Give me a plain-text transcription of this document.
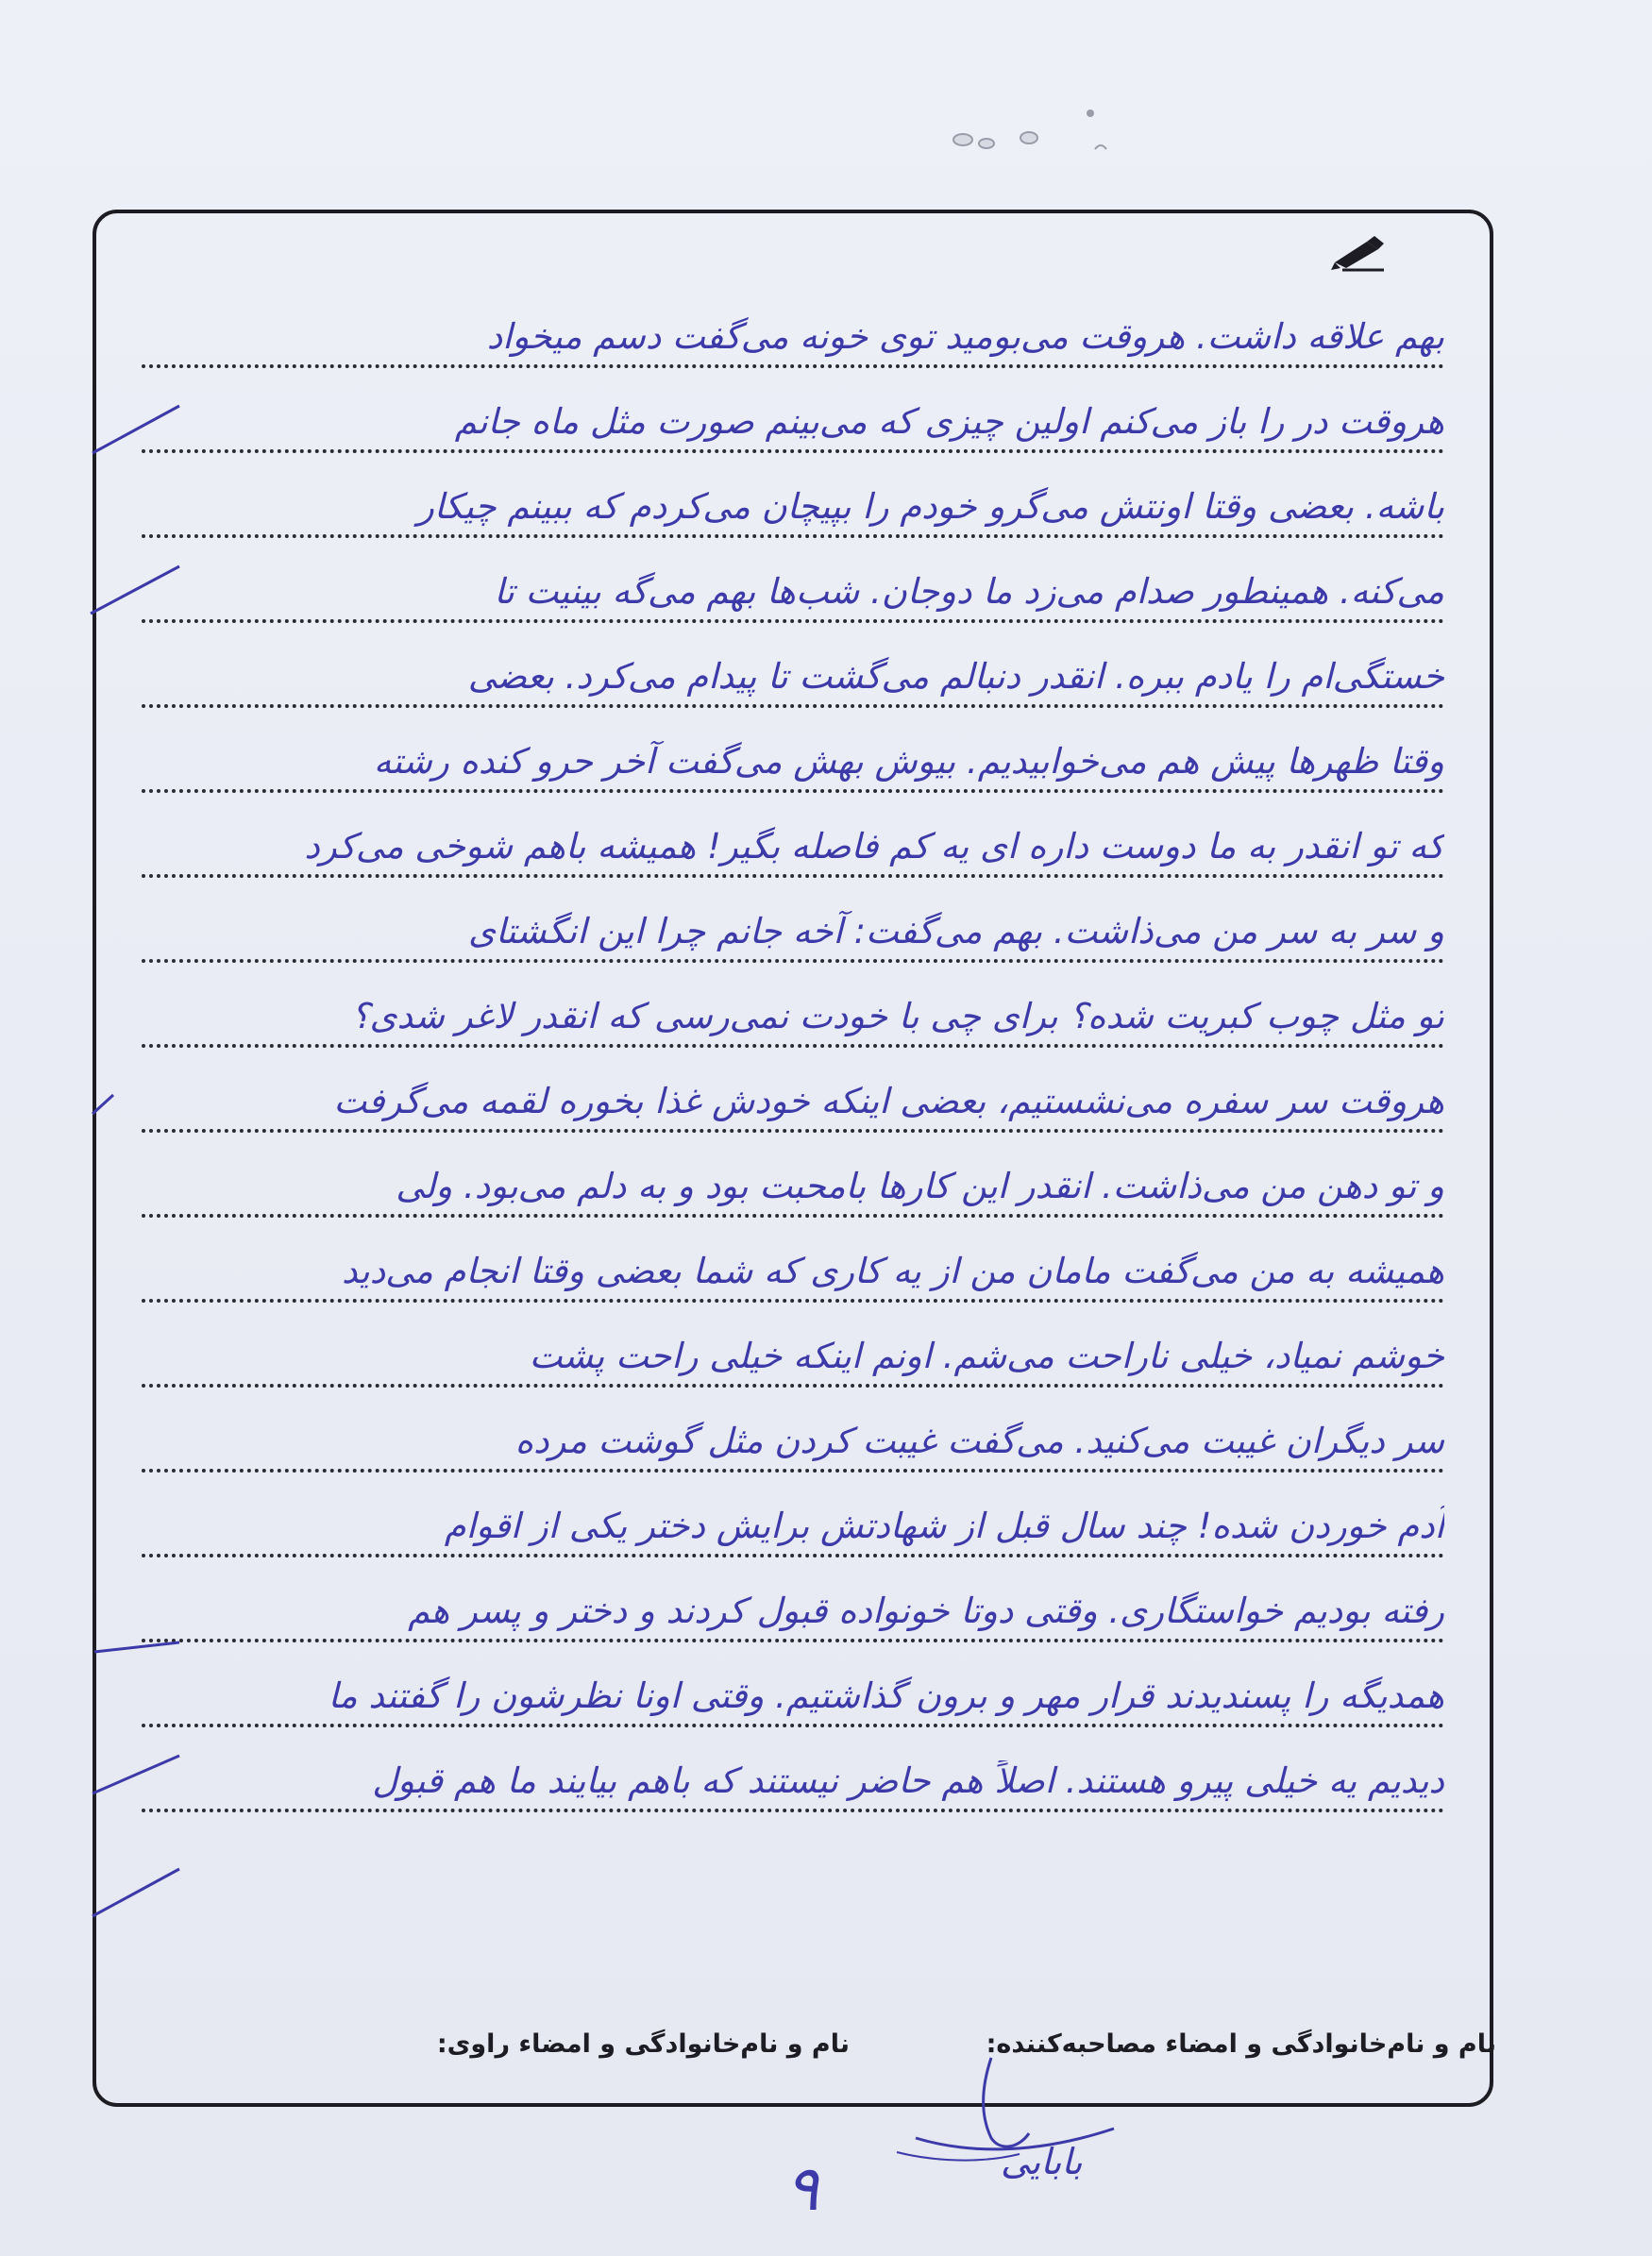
بهم علاقه داشت. هروقت می‌بومید توی خونه می‌گفت دسم میخواد
هروقت در را باز می‌کنم اولین چیزی که می‌بینم صورت مثل ماه جانم
باشه. بعضی وقتا اونتش می‌گرو خودم را بپیچان می‌کردم که ببینم چیکار
می‌کنه. همینطور صدام می‌زد ما دوجان. شب‌ها بهم می‌گه بینیت تا
خستگی‌ام را یادم ببره. انقدر دنبالم می‌گشت تا پیدام می‌کرد. بعضی
وقتا ظهرها پیش هم می‌خوابیدیم. بیوش بهش می‌گفت آخر حرو کنده رشته
که تو انقدر به ما دوست داره ای یه کم فاصله بگیر! همیشه باهم شوخی می‌کرد
و سر به سر من می‌ذاشت. بهم می‌گفت: آخه جانم چرا این انگشتای
تو مثل چوب کبریت شده؟ برای چی با خودت نمی‌رسی که انقدر لاغر شدی؟
هروقت سر سفره می‌نشستیم، بعضی اینکه خودش غذا بخوره لقمه می‌گرفت
و تو دهن من می‌ذاشت. انقدر این کارها بامحبت بود و به دلم می‌بود. ولی
همیشه به من می‌گفت مامان من از یه کاری که شما بعضی وقتا انجام می‌دید
خوشم نمیاد، خیلی ناراحت می‌شم. اونم اینکه خیلی راحت پشت
سر دیگران غیبت می‌کنید. می‌گفت غیبت کردن مثل گوشت مرده
آدم خوردن شده! چند سال قبل از شهادتش برایش دختر یکی از اقوام
رفته بودیم خواستگاری. وقتی دوتا خونواده قبول کردند و دختر و پسر هم
همدیگه را پسندیدند قرار مهر و برون گذاشتیم. وقتی اونا نظرشون را گفتند ما
دیدیم یه خیلی پیرو هستند. اصلاً هم حاضر نیستند که باهم بیایند ما هم قبول
نام و نام‌خانوادگی و امضاء مصاحبه‌کننده:
نام و نام‌خانوادگی و امضاء راوی:
بابایی
٩
